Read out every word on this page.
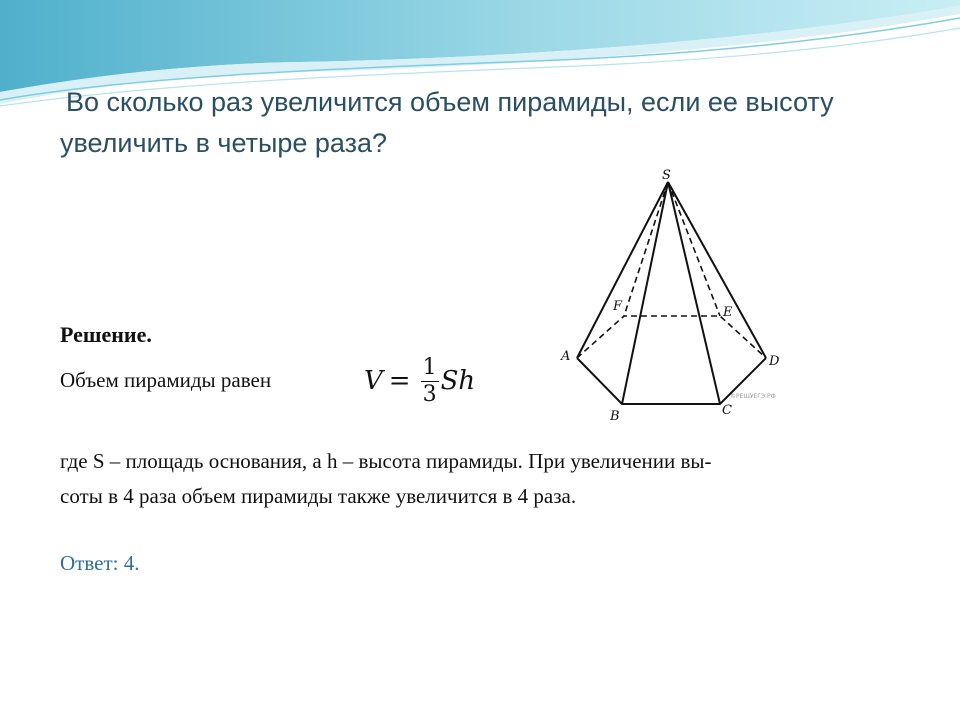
Во сколько раз увеличится объем пирамиды, если ее высоту
увеличить в четыре раза?
S
A
B	C
D
E
F
©РЕШУЕГЭ.РФ
Решение.
Объем пирамиды равен	$V = \frac{1}{3}$ Sh
где S – площадь основания, а h – высота пирамиды. При увеличении вы-
соты в 4 раза объем пирамиды также увеличится в 4 раза.
Ответ: 4.
